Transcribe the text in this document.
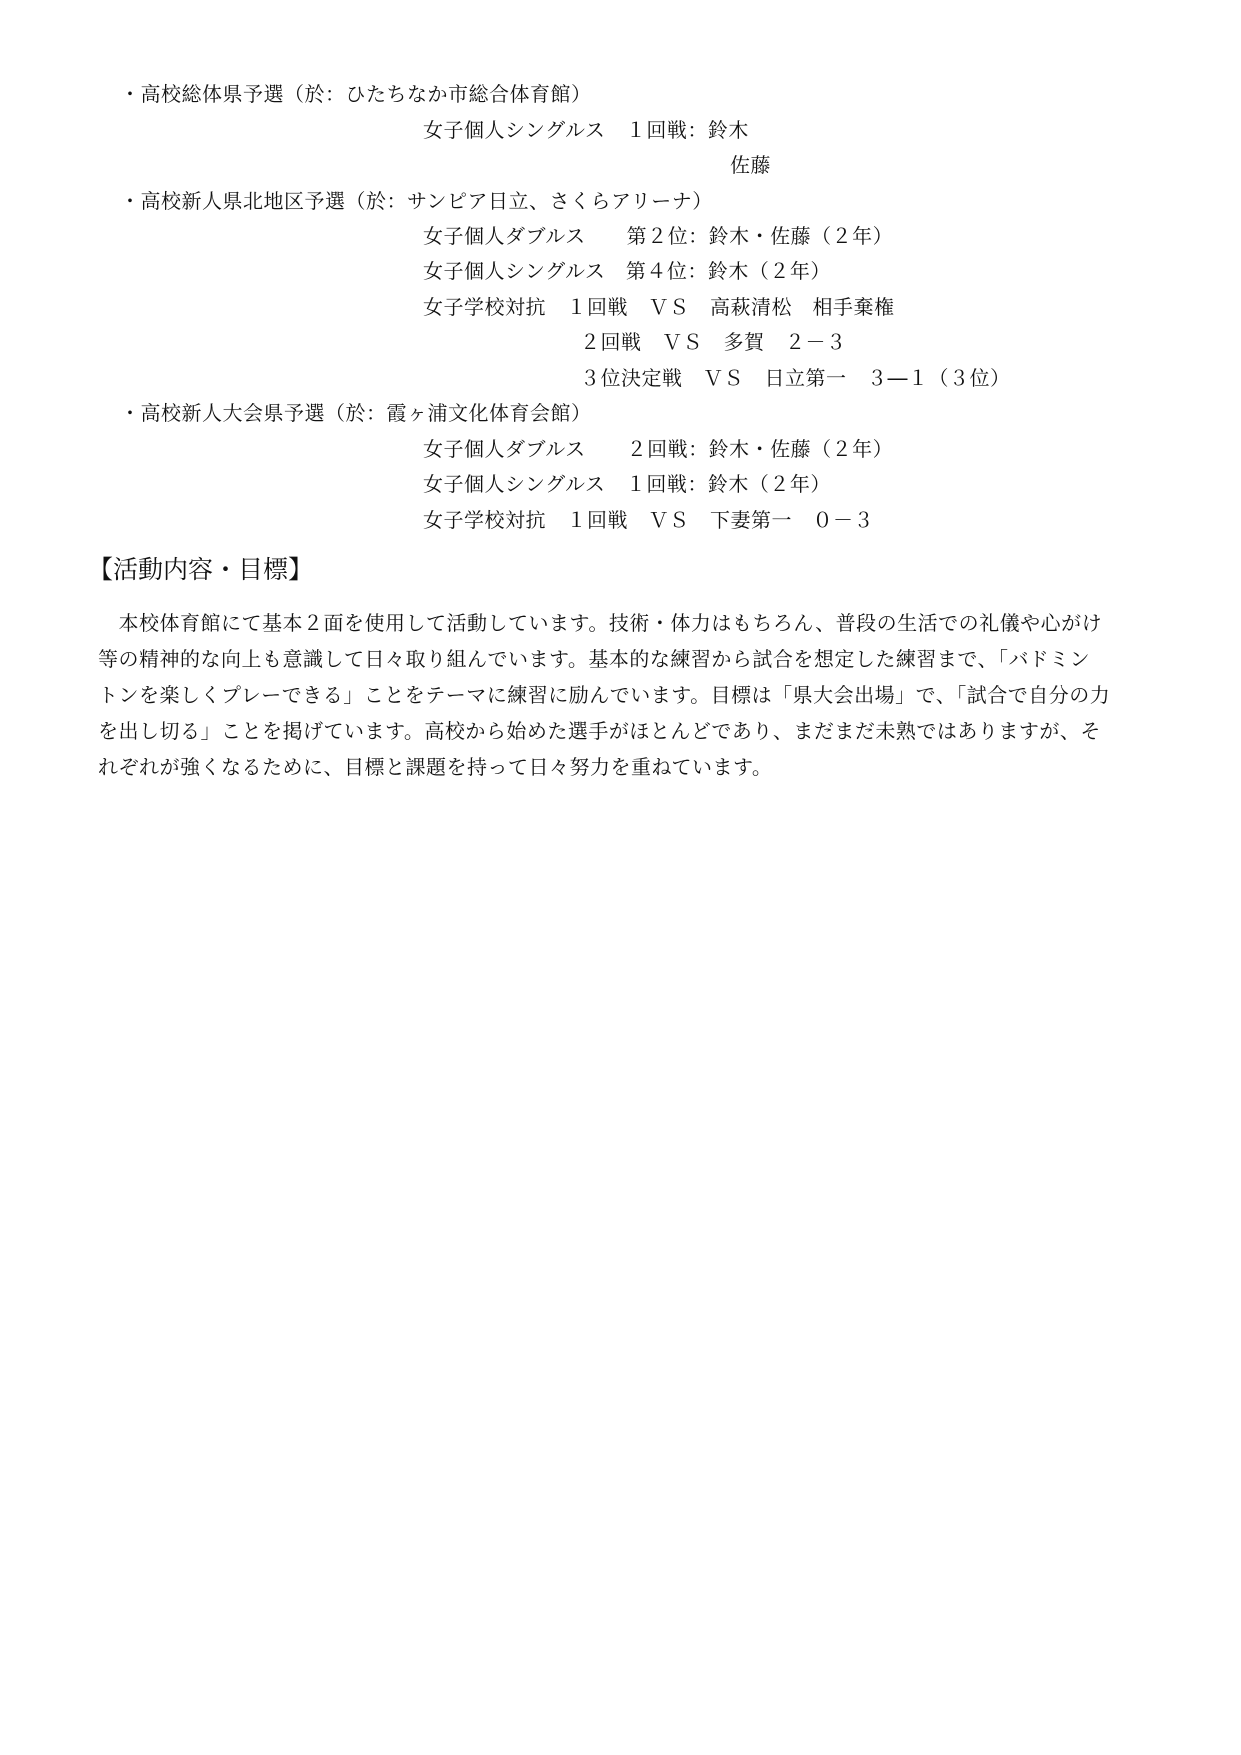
・高校総体県予選（於：ひたちなか市総合体育館）
女子個人シングルス　１回戦：鈴木
佐藤
・高校新人県北地区予選（於：サンピア日立、さくらアリーナ）
女子個人ダブルス　　第２位：鈴木・佐藤（２年）
女子個人シングルス　第４位：鈴木（２年）
女子学校対抗　１回戦　ＶＳ　高萩清松　相手棄権
２回戦　ＶＳ　多賀　２－３
３位決定戦　ＶＳ　日立第一　３―１（３位）
・高校新人大会県予選（於：霞ヶ浦文化体育会館）
女子個人ダブルス　　２回戦：鈴木・佐藤（２年）
女子個人シングルス　１回戦：鈴木（２年）
女子学校対抗　１回戦　ＶＳ　下妻第一　０－３
【活動内容・目標】
　本校体育館にて基本２面を使用して活動しています。技術・体力はもちろん、普段の生活での礼儀や心がけ
等の精神的な向上も意識して日々取り組んでいます。基本的な練習から試合を想定した練習まで、「バドミン
トンを楽しくプレーできる」ことをテーマに練習に励んでいます。目標は「県大会出場」で、「試合で自分の力
を出し切る」ことを掲げています。高校から始めた選手がほとんどであり、まだまだ未熟ではありますが、そ
れぞれが強くなるために、目標と課題を持って日々努力を重ねています。
